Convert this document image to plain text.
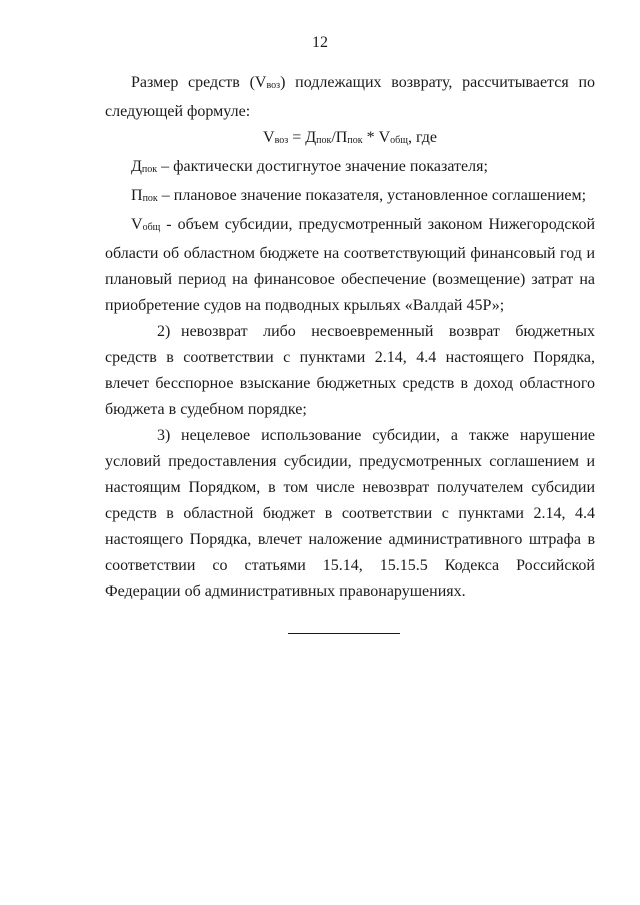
12

Размер средств $(V_{воз})$ подлежащих возврату, рассчитывается по следующей формуле:

$V_{воз} = Д_{пок}/П_{пок} * V_{общ}$, где

$Д_{пок}$ – фактически достигнутое значение показателя;

$П_{пок}$ – плановое значение показателя, установленное соглашением;

$V_{общ}$ - объем субсидии, предусмотренный законом Нижегородской области об областном бюджете на соответствующий финансовый год и плановый период на финансовое обеспечение (возмещение) затрат на приобретение судов на подводных крыльях «Валдай 45Р»;

2) невозврат либо несвоевременный возврат бюджетных средств в соответствии с пунктами 2.14, 4.4 настоящего Порядка, влечет бесспорное взыскание бюджетных средств в доход областного бюджета в судебном порядке;

3) нецелевое использование субсидии, а также нарушение условий предоставления субсидии, предусмотренных соглашением и настоящим Порядком, в том числе невозврат получателем субсидии средств в областной бюджет в соответствии с пунктами 2.14, 4.4 настоящего Порядка, влечет наложение административного штрафа в соответствии со статьями 15.14, 15.15.5 Кодекса Российской Федерации об административных правонарушениях.
